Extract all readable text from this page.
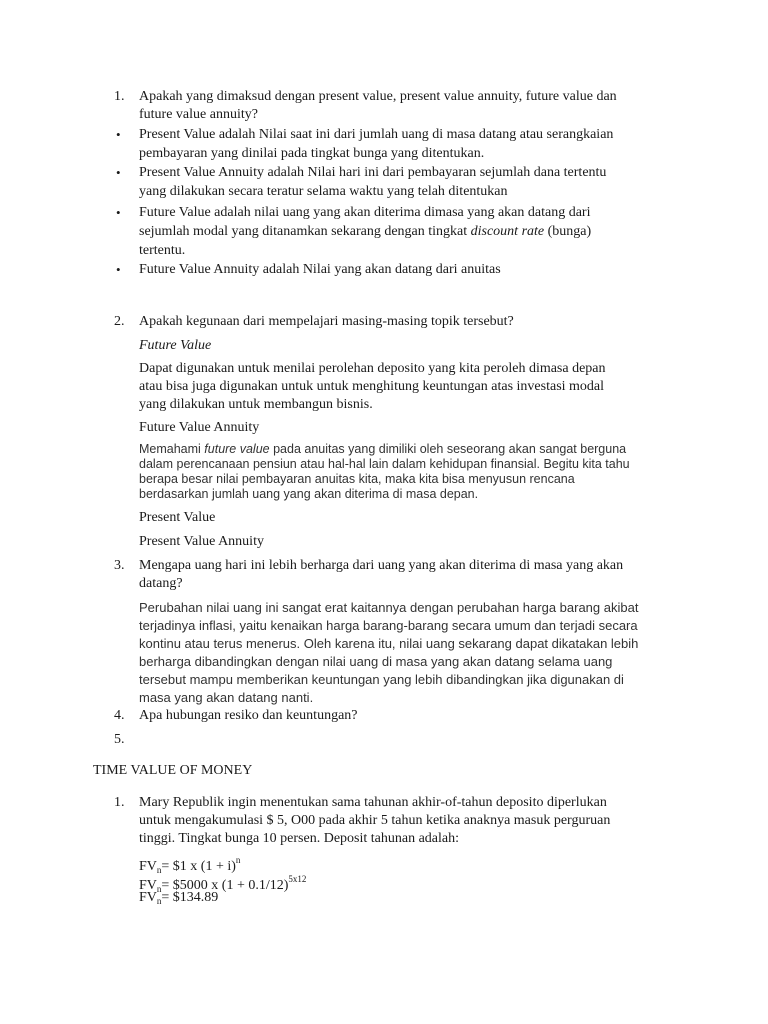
1. Apakah yang dimaksud dengan present value, present value annuity, future value dan
future value annuity?
• Present Value adalah Nilai saat ini dari jumlah uang di masa datang atau serangkaian
pembayaran yang dinilai pada tingkat bunga yang ditentukan.
• Present Value Annuity adalah Nilai hari ini dari pembayaran sejumlah dana tertentu
yang dilakukan secara teratur selama waktu yang telah ditentukan
• Future Value adalah nilai uang yang akan diterima dimasa yang akan datang dari
sejumlah modal yang ditanamkan sekarang dengan tingkat discount rate (bunga)
tertentu.
• Future Value Annuity adalah Nilai yang akan datang dari anuitas
2. Apakah kegunaan dari mempelajari masing-masing topik tersebut?
Future Value
Dapat digunakan untuk menilai perolehan deposito yang kita peroleh dimasa depan
atau bisa juga digunakan untuk untuk menghitung keuntungan atas investasi modal
yang dilakukan untuk membangun bisnis.
Future Value Annuity
Memahami future value pada anuitas yang dimiliki oleh seseorang akan sangat berguna
dalam perencanaan pensiun atau hal-hal lain dalam kehidupan finansial. Begitu kita tahu
berapa besar nilai pembayaran anuitas kita, maka kita bisa menyusun rencana
berdasarkan jumlah uang yang akan diterima di masa depan.
Present Value
Present Value Annuity
3. Mengapa uang hari ini lebih berharga dari uang yang akan diterima di masa yang akan
datang?
Perubahan nilai uang ini sangat erat kaitannya dengan perubahan harga barang akibat
terjadinya inflasi, yaitu kenaikan harga barang-barang secara umum dan terjadi secara
kontinu atau terus menerus. Oleh karena itu, nilai uang sekarang dapat dikatakan lebih
berharga dibandingkan dengan nilai uang di masa yang akan datang selama uang
tersebut mampu memberikan keuntungan yang lebih dibandingkan jika digunakan di
masa yang akan datang nanti.
4. Apa hubungan resiko dan keuntungan?
5.
TIME VALUE OF MONEY
1. Mary Republik ingin menentukan sama tahunan akhir-of-tahun deposito diperlukan
untuk mengakumulasi $ 5, O00 pada akhir 5 tahun ketika anaknya masuk perguruan
tinggi. Tingkat bunga 10 persen. Deposit tahunan adalah:
$FV_n=$ $1 x $(1 + i)^n$
$FV_n=$ $5000 x $(1 + 0.1/12)^{5x12}$
$FV_n=$ $134.89
